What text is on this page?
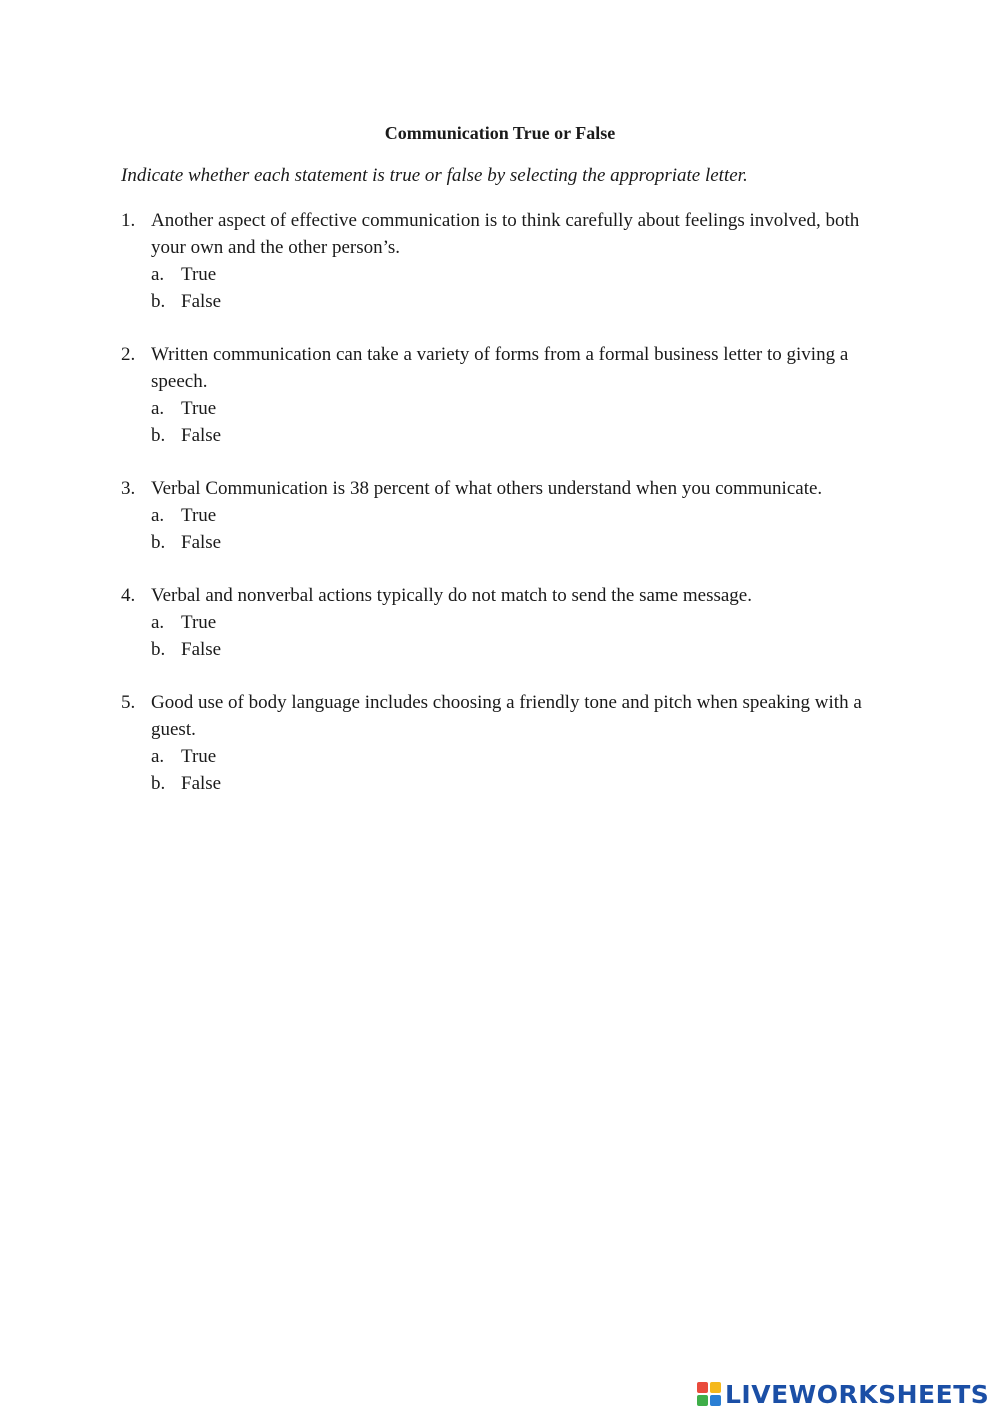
Communication True or False
Indicate whether each statement is true or false by selecting the appropriate letter.
1. Another aspect of effective communication is to think carefully about feelings involved, both your own and the other person’s.
a. True
b. False
2. Written communication can take a variety of forms from a formal business letter to giving a speech.
a. True
b. False
3. Verbal Communication is 38 percent of what others understand when you communicate.
a. True
b. False
4. Verbal and nonverbal actions typically do not match to send the same message.
a. True
b. False
5. Good use of body language includes choosing a friendly tone and pitch when speaking with a guest.
a. True
b. False
LIVEWORKSHEETS
